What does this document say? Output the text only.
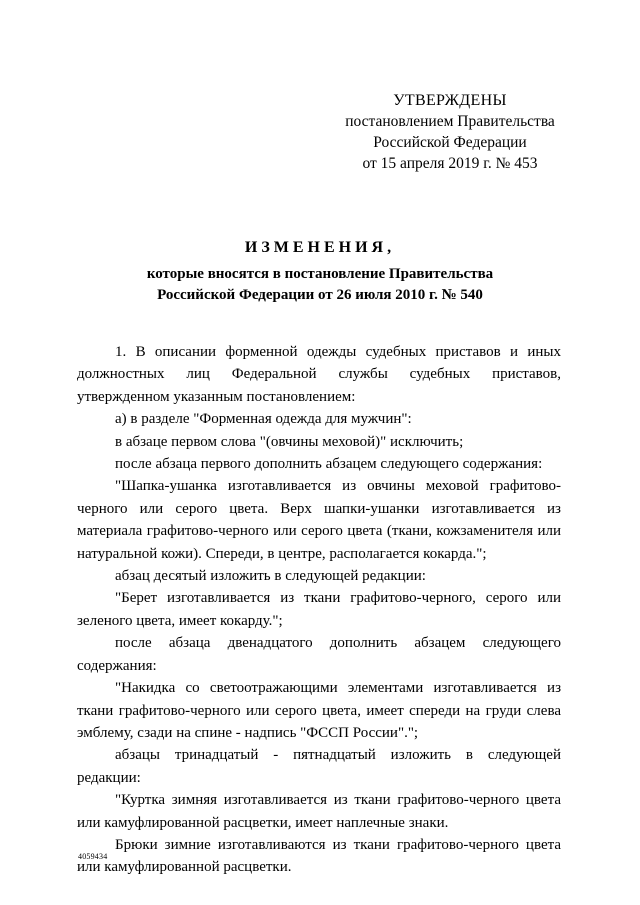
УТВЕРЖДЕНЫ
постановлением Правительства
Российской Федерации
от 15 апреля 2019 г. № 453
ИЗМЕНЕНИЯ,
которые вносятся в постановление Правительства
Российской Федерации от 26 июля 2010 г. № 540

1. В описании форменной одежды судебных приставов и иных должностных лиц Федеральной службы судебных приставов, утвержденном указанным постановлением:

а) в разделе "Форменная одежда для мужчин":

в абзаце первом слова "(овчины меховой)" исключить;

после абзаца первого дополнить абзацем следующего содержания:

"Шапка-ушанка изготавливается из овчины меховой графитово-черного или серого цвета. Верх шапки-ушанки изготавливается из материала графитово-черного или серого цвета (ткани, кожзаменителя или натуральной кожи). Спереди, в центре, располагается кокарда.";

абзац десятый изложить в следующей редакции:

"Берет изготавливается из ткани графитово-черного, серого или зеленого цвета, имеет кокарду.";

после абзаца двенадцатого дополнить абзацем следующего содержания:

"Накидка со светоотражающими элементами изготавливается из ткани графитово-черного или серого цвета, имеет спереди на груди слева эмблему, сзади на спине - надпись "ФССП России".";

абзацы тринадцатый - пятнадцатый изложить в следующей редакции:

"Куртка зимняя изготавливается из ткани графитово-черного цвета или камуфлированной расцветки, имеет наплечные знаки.

Брюки зимние изготавливаются из ткани графитово-черного цвета или камуфлированной расцветки.

4059434
